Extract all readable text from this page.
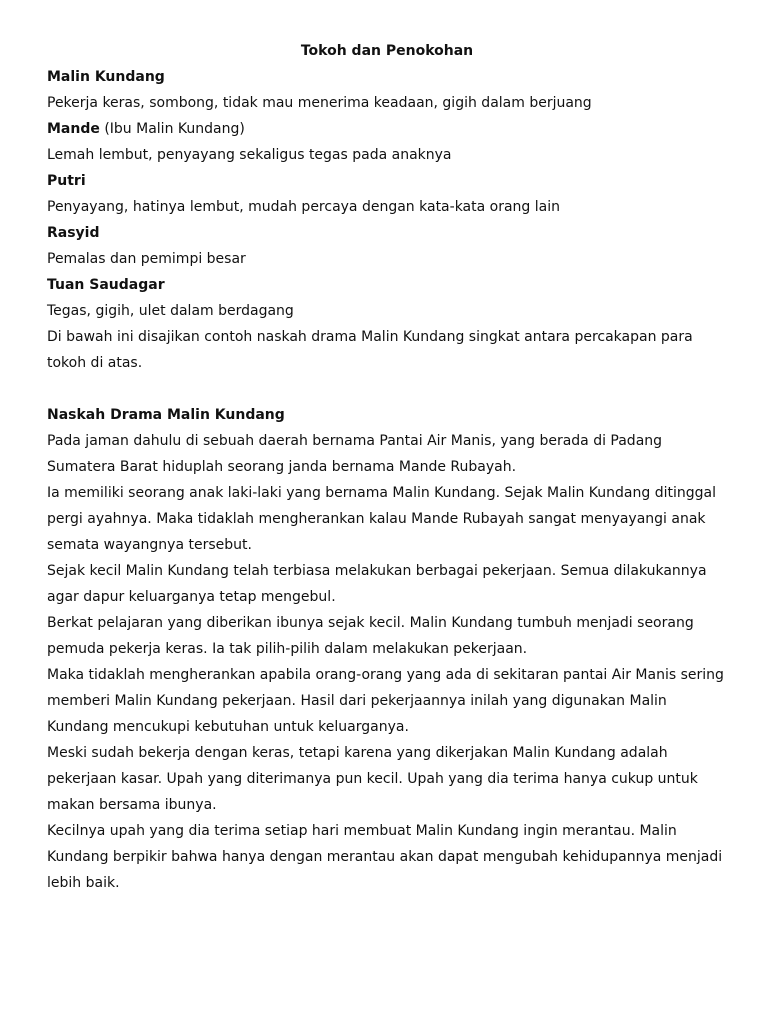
Tokoh dan Penokohan

Malin Kundang

Pekerja keras, sombong, tidak mau menerima keadaan, gigih dalam berjuang

Mande (Ibu Malin Kundang)

Lemah lembut, penyayang sekaligus tegas pada anaknya

Putri

Penyayang, hatinya lembut, mudah percaya dengan kata-kata orang lain

Rasyid

Pemalas dan pemimpi besar

Tuan Saudagar

Tegas, gigih, ulet dalam berdagang

Di bawah ini disajikan contoh naskah drama Malin Kundang singkat antara percakapan para tokoh di atas.

Naskah Drama Malin Kundang

Pada jaman dahulu di sebuah daerah bernama Pantai Air Manis, yang berada di Padang Sumatera Barat hiduplah seorang janda bernama Mande Rubayah.

Ia memiliki seorang anak laki-laki yang bernama Malin Kundang. Sejak Malin Kundang ditinggal pergi ayahnya. Maka tidaklah mengherankan kalau Mande Rubayah sangat menyayangi anak semata wayangnya tersebut.

Sejak kecil Malin Kundang telah terbiasa melakukan berbagai pekerjaan. Semua dilakukannya agar dapur keluarganya tetap mengebul.

Berkat pelajaran yang diberikan ibunya sejak kecil. Malin Kundang tumbuh menjadi seorang pemuda pekerja keras. Ia tak pilih-pilih dalam melakukan pekerjaan.

Maka tidaklah mengherankan apabila orang-orang yang ada di sekitaran pantai Air Manis sering memberi Malin Kundang pekerjaan. Hasil dari pekerjaannya inilah yang digunakan Malin Kundang mencukupi kebutuhan untuk keluarganya.

Meski sudah bekerja dengan keras, tetapi karena yang dikerjakan Malin Kundang adalah pekerjaan kasar. Upah yang diterimanya pun kecil. Upah yang dia terima hanya cukup untuk makan bersama ibunya.

Kecilnya upah yang dia terima setiap hari membuat Malin Kundang ingin merantau. Malin Kundang berpikir bahwa hanya dengan merantau akan dapat mengubah kehidupannya menjadi lebih baik.
